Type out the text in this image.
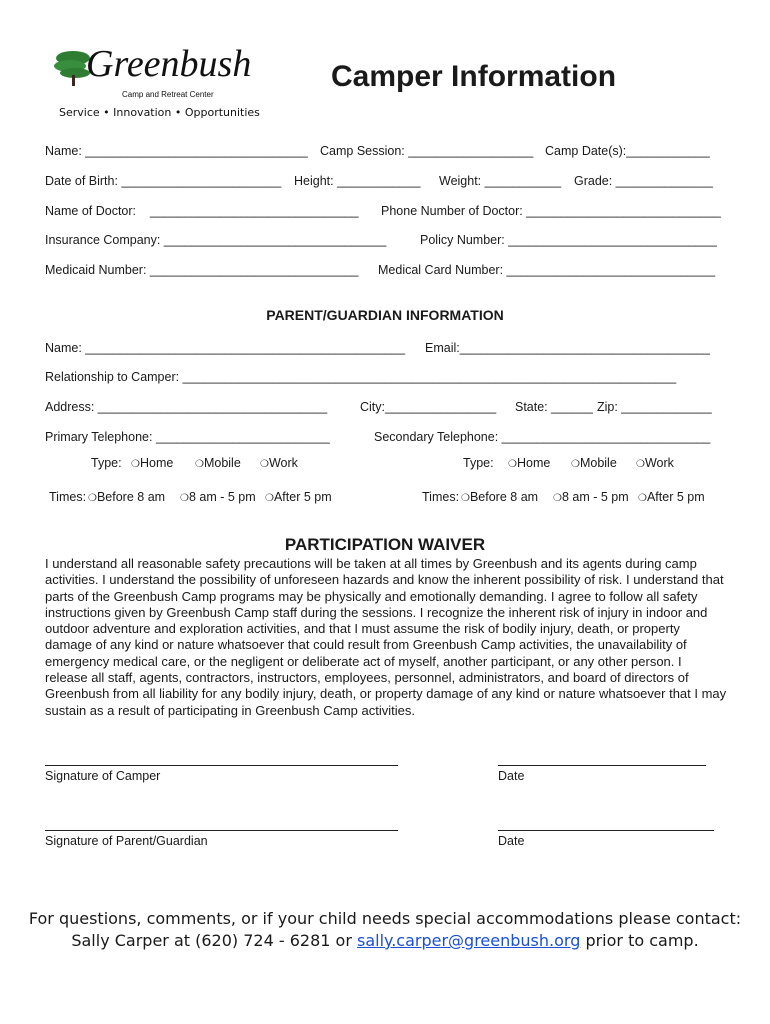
Greenbush
Camp and Retreat Center
Service • Innovation • Opportunities
Camper Information
Name: ________________________________ Camp Session: __________________ Camp Date(s):____________
Date of Birth: _______________________ Height: ____________ Weight: ___________ Grade: ______________
Name of Doctor: ______________________________ Phone Number of Doctor: ____________________________
Insurance Company: ________________________________	Policy Number: ______________________________
Medicaid Number: ______________________________ Medical Card Number: ______________________________
PARENT/GUARDIAN INFORMATION
Name: ______________________________________________ Email:____________________________________
Relationship to Camper: _______________________________________________________________________
Address: _________________________________	City:________________ State: ______ Zip: _____________
Primary Telephone: _________________________	Secondary Telephone: ______________________________
Type: ❍Home ❍Mobile ❍Work	Type: ❍Home ❍Mobile ❍Work
Times: ❍Before 8 am ❍8 am - 5 pm ❍After 5 pm	Times: ❍Before 8 am ❍8 am - 5 pm ❍After 5 pm
PARTICIPATION WAIVER

I understand all reasonable safety precautions will be taken at all times by Greenbush and its agents during camp activities. I understand the possibility of unforeseen hazards and know the inherent possibility of risk. I understand that parts of the Greenbush Camp programs may be physically and emotionally demanding. I agree to follow all safety instructions given by Greenbush Camp staff during the sessions. I recognize the inherent risk of injury in indoor and outdoor adventure and exploration activities, and that I must assume the risk of bodily injury, death, or property damage of any kind or nature whatsoever that could result from Greenbush Camp activities, the unavailability of emergency medical care, or the negligent or deliberate act of myself, another participant, or any other person. I release all staff, agents, contractors, instructors, employees, personnel, administrators, and board of directors of Greenbush from all liability for any bodily injury, death, or property damage of any kind or nature whatsoever that I may sustain as a result of participating in Greenbush Camp activities.

Signature of Camper	Date
Signature of Parent/Guardian	Date
For questions, comments, or if your child needs special accommodations please contact:
Sally Carper at (620) 724 - 6281 or sally.carper@greenbush.org prior to camp.
